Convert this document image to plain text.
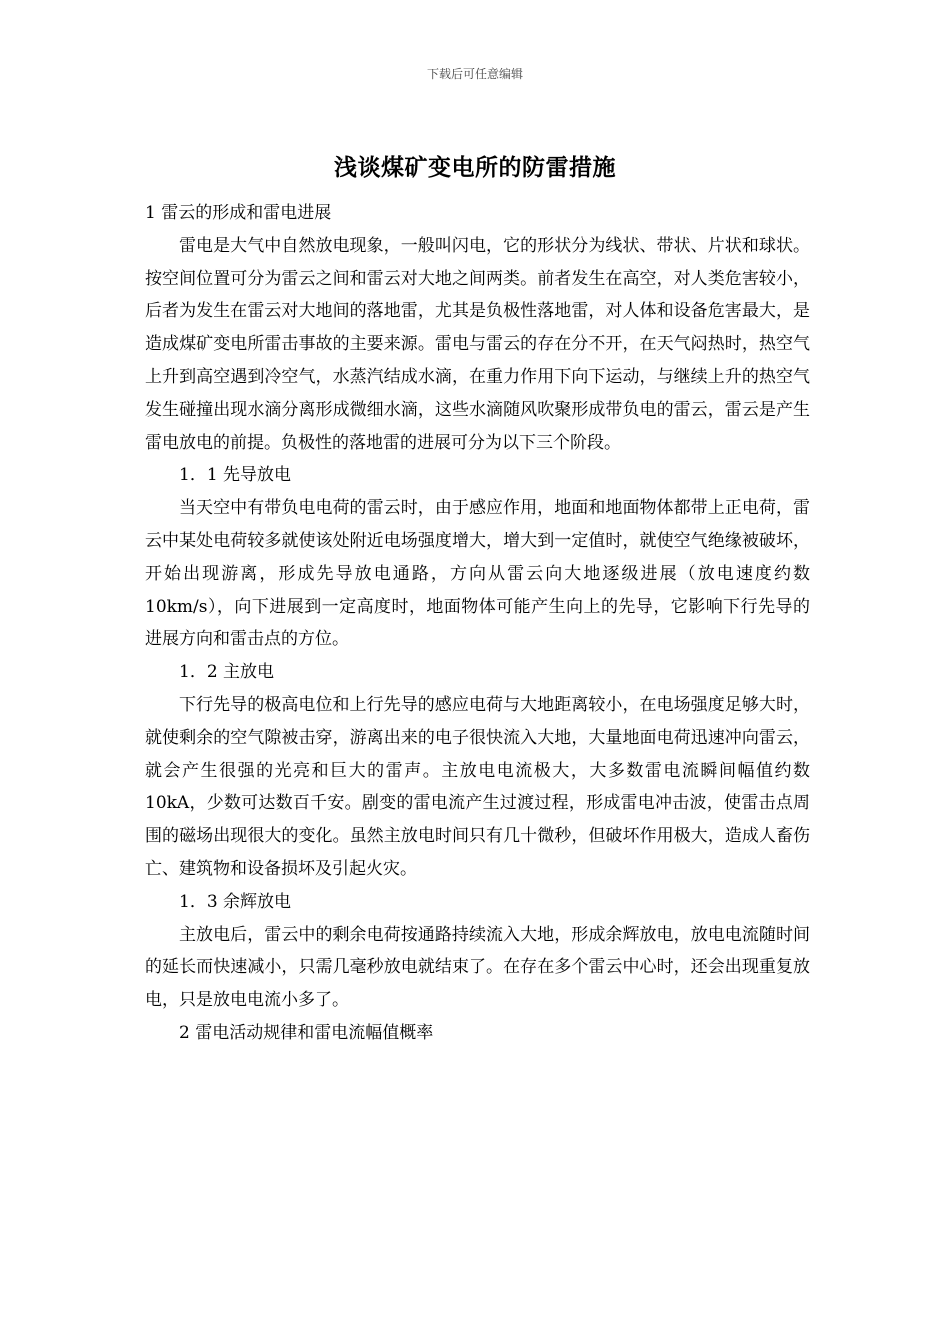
下载后可任意编辑
浅谈煤矿变电所的防雷措施

1 雷云的形成和雷电进展

雷电是大气中自然放电现象，一般叫闪电，它的形状分为线状、带状、片状和球状。按空间位置可分为雷云之间和雷云对大地之间两类。前者发生在高空，对人类危害较小，后者为发生在雷云对大地间的落地雷，尤其是负极性落地雷，对人体和设备危害最大，是造成煤矿变电所雷击事故的主要来源。雷电与雷云的存在分不开，在天气闷热时，热空气上升到高空遇到冷空气，水蒸汽结成水滴，在重力作用下向下运动，与继续上升的热空气发生碰撞出现水滴分离形成微细水滴，这些水滴随风吹聚形成带负电的雷云，雷云是产生雷电放电的前提。负极性的落地雷的进展可分为以下三个阶段。

1．1 先导放电

当天空中有带负电电荷的雷云时，由于感应作用，地面和地面物体都带上正电荷，雷云中某处电荷较多就使该处附近电场强度增大，增大到一定值时，就使空气绝缘被破坏，开始出现游离，形成先导放电通路，方向从雷云向大地逐级进展（放电速度约数10km/s），向下进展到一定高度时，地面物体可能产生向上的先导，它影响下行先导的进展方向和雷击点的方位。

1．2 主放电

下行先导的极高电位和上行先导的感应电荷与大地距离较小，在电场强度足够大时，就使剩余的空气隙被击穿，游离出来的电子很快流入大地，大量地面电荷迅速冲向雷云，就会产生很强的光亮和巨大的雷声。主放电电流极大，大多数雷电流瞬间幅值约数10kA，少数可达数百千安。剧变的雷电流产生过渡过程，形成雷电冲击波，使雷击点周围的磁场出现很大的变化。虽然主放电时间只有几十微秒，但破坏作用极大，造成人畜伤亡、建筑物和设备损坏及引起火灾。

1．3 余辉放电

主放电后，雷云中的剩余电荷按通路持续流入大地，形成余辉放电，放电电流随时间的延长而快速减小，只需几毫秒放电就结束了。在存在多个雷云中心时，还会出现重复放电，只是放电电流小多了。

2 雷电活动规律和雷电流幅值概率
